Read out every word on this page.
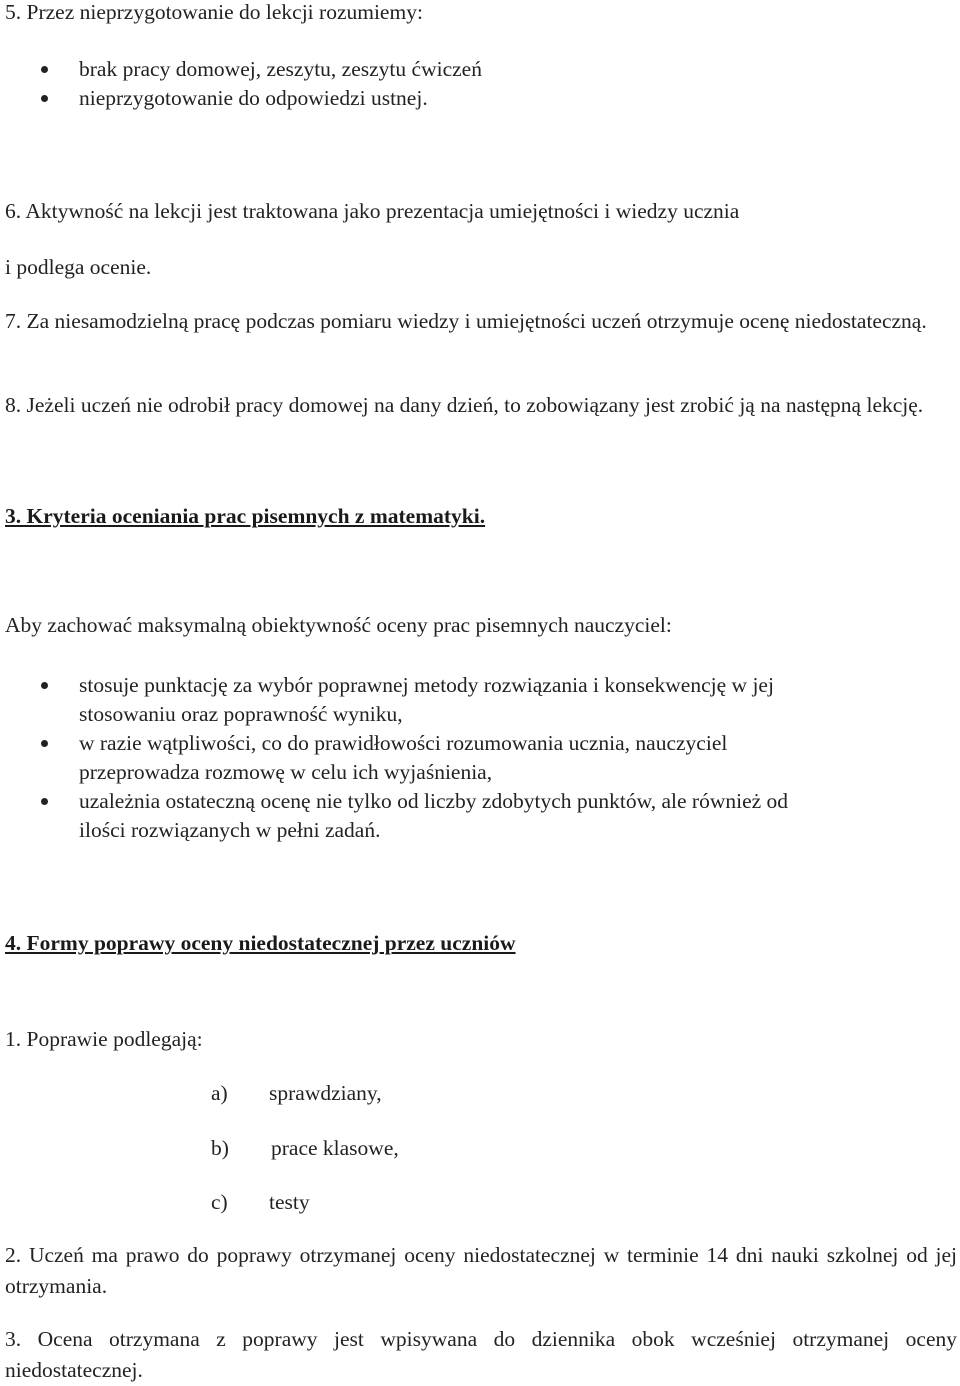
5. Przez nieprzygotowanie do lekcji rozumiemy:
brak pracy domowej, zeszytu, zeszytu ćwiczeń
nieprzygotowanie do odpowiedzi ustnej.
6. Aktywność na lekcji jest traktowana jako prezentacja umiejętności i wiedzy ucznia
i podlega ocenie.
7. Za niesamodzielną pracę podczas pomiaru wiedzy i umiejętności uczeń otrzymuje ocenę niedostateczną.
8. Jeżeli uczeń nie odrobił pracy domowej na dany dzień, to zobowiązany jest zrobić ją na następną lekcję.
3. Kryteria oceniania prac pisemnych z matematyki.
Aby zachować maksymalną obiektywność oceny prac pisemnych nauczyciel:
stosuje punktację za wybór poprawnej metody rozwiązania i konsekwencję w jej
stosowaniu oraz poprawność wyniku,
w razie wątpliwości, co do prawidłowości rozumowania ucznia, nauczyciel
przeprowadza rozmowę w celu ich wyjaśnienia,
uzależnia ostateczną ocenę nie tylko od liczby zdobytych punktów, ale również od
ilości rozwiązanych w pełni zadań.
4. Formy poprawy oceny niedostatecznej przez uczniów
1. Poprawie podlegają:
a) sprawdziany,
b) prace klasowe,
c) testy
2. Uczeń ma prawo do poprawy otrzymanej oceny niedostatecznej w terminie 14 dni nauki szkolnej od jej otrzymania.
3. Ocena otrzymana z poprawy jest wpisywana do dziennika obok wcześniej otrzymanej oceny niedostatecznej.
